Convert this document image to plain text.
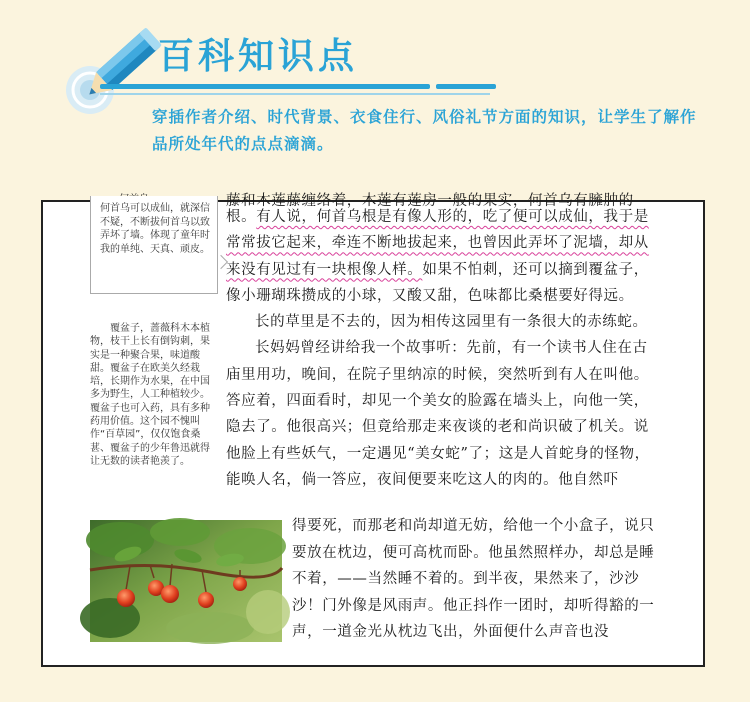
百科知识点
穿插作者介绍、时代背景、衣食住行、风俗礼节方面的知识，让学生了解作品所处年代的点点滴滴。
藤和木莲藤缠络着，木莲有莲房一般的果实，何首乌有臃肿的
何首乌可以成仙，就深信不疑，不断拔何首乌以致弄坏了墙。体现了童年时我的单纯、天真、顽皮。
覆盆子，蔷薇科木本植物，枝干上长有倒钩刺，果实是一种聚合果，味道酸甜。覆盆子在欧美久经栽培，长期作为水果，在中国多为野生，人工种植较少。覆盆子也可入药，具有多种药用价值。这个园不愧叫作“百草园”，仅仅饱食桑葚、覆盆子的少年鲁迅就得让无数的读者艳羡了。

根。有人说，何首乌根是有像人形的，吃了便可以成仙，我于是常常拔它起来，牵连不断地拔起来，也曾因此弄坏了泥墙，却从来没有见过有一块根像人样。如果不怕刺，还可以摘到覆盆子，像小珊瑚珠攒成的小球，又酸又甜，色味都比桑椹要好得远。

长的草里是不去的，因为相传这园里有一条很大的赤练蛇。

长妈妈曾经讲给我一个故事听：先前，有一个读书人住在古庙里用功，晚间，在院子里纳凉的时候，突然听到有人在叫他。答应着，四面看时，却见一个美女的脸露在墙头上，向他一笑，隐去了。他很高兴；但竟给那走来夜谈的老和尚识破了机关。说他脸上有些妖气，一定遇见“美女蛇”了；这是人首蛇身的怪物，能唤人名，倘一答应，夜间便要来吃这人的肉的。他自然吓

得要死，而那老和尚却道无妨，给他一个小盒子，说只要放在枕边，便可高枕而卧。他虽然照样办，却总是睡不着，——当然睡不着的。到半夜，果然来了，沙沙沙！门外像是风雨声。他正抖作一团时，却听得豁的一声，一道金光从枕边飞出，外面便什么声音也没
